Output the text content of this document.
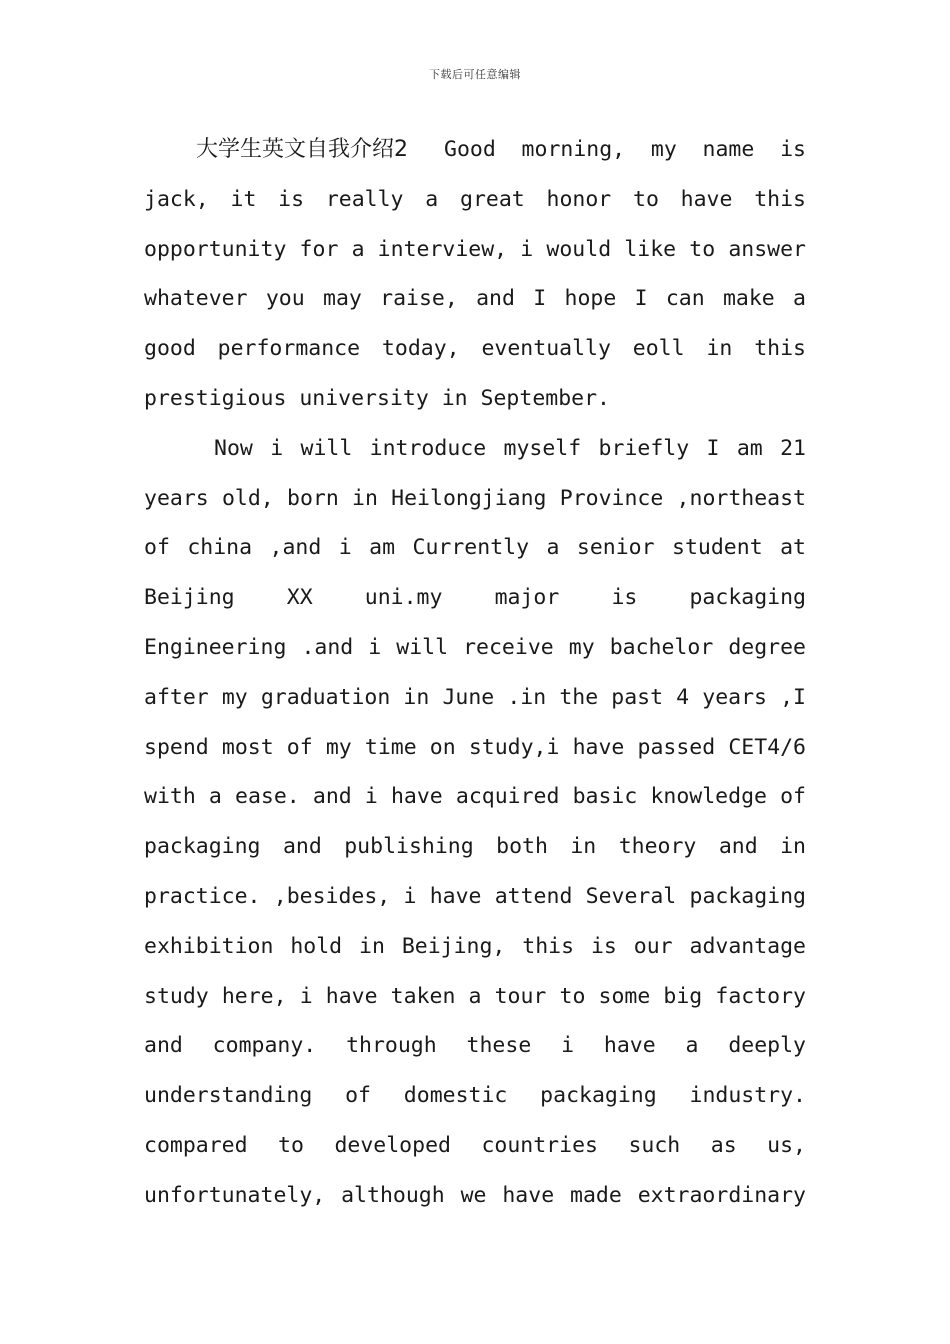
下载后可任意编辑
大学生英文自我介绍2 Good morning, my name is
jack, it is really a great honor to have this
opportunity for a interview, i would like to answer
whatever you may raise, and I hope I can make a
good performance today, eventually eoll in this
prestigious university in September.
Now i will introduce myself briefly I am 21
years old, born in Heilongjiang Province ,northeast
of china ,and i am Currently a senior student at
Beijing XX uni.my major is packaging
Engineering .and i will receive my bachelor degree
after my graduation in June .in the past 4 years ,I
spend most of my time on study,i have passed CET4/6
with a ease. and i have acquired basic knowledge of
packaging and publishing both in theory and in
practice. ,besides, i have attend Several packaging
exhibition hold in Beijing, this is our advantage
study here, i have taken a tour to some big factory
and company. through these i have a deeply
understanding of domestic packaging industry.
compared to developed countries such as us,
unfortunately, although we have made extraordinary
